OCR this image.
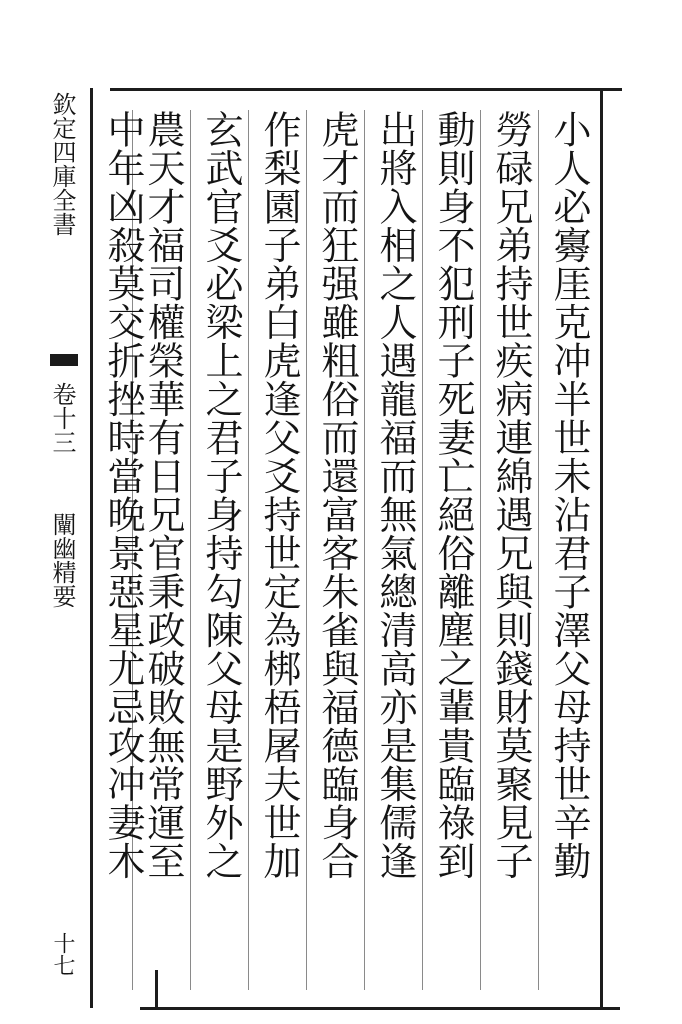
小人必㝰厓克冲半世未沾君子澤父母持世辛勤
勞碌兄弟持世疾病連綿遇兄與則錢財莫聚見子
動則身不犯刑子死妻亡絕俗離塵之輩貴臨祿到
出將入相之人遇龍福而無氣總清高亦是集儒逢
虎才而狂强雖粗俗而還富客朱雀與福德臨身合
作梨園子弟白虎逢父爻持世定為梆梧屠夫世加
玄武官爻必梁上之君子身持勾陳父母是野外之
農天才福司權榮華有日兄官秉政破敗無常運至
中年凶殺莫交折挫時當晚景惡星尤忌攻冲妻木
欽定四庫全書
卷十三
闡幽精要
十七
